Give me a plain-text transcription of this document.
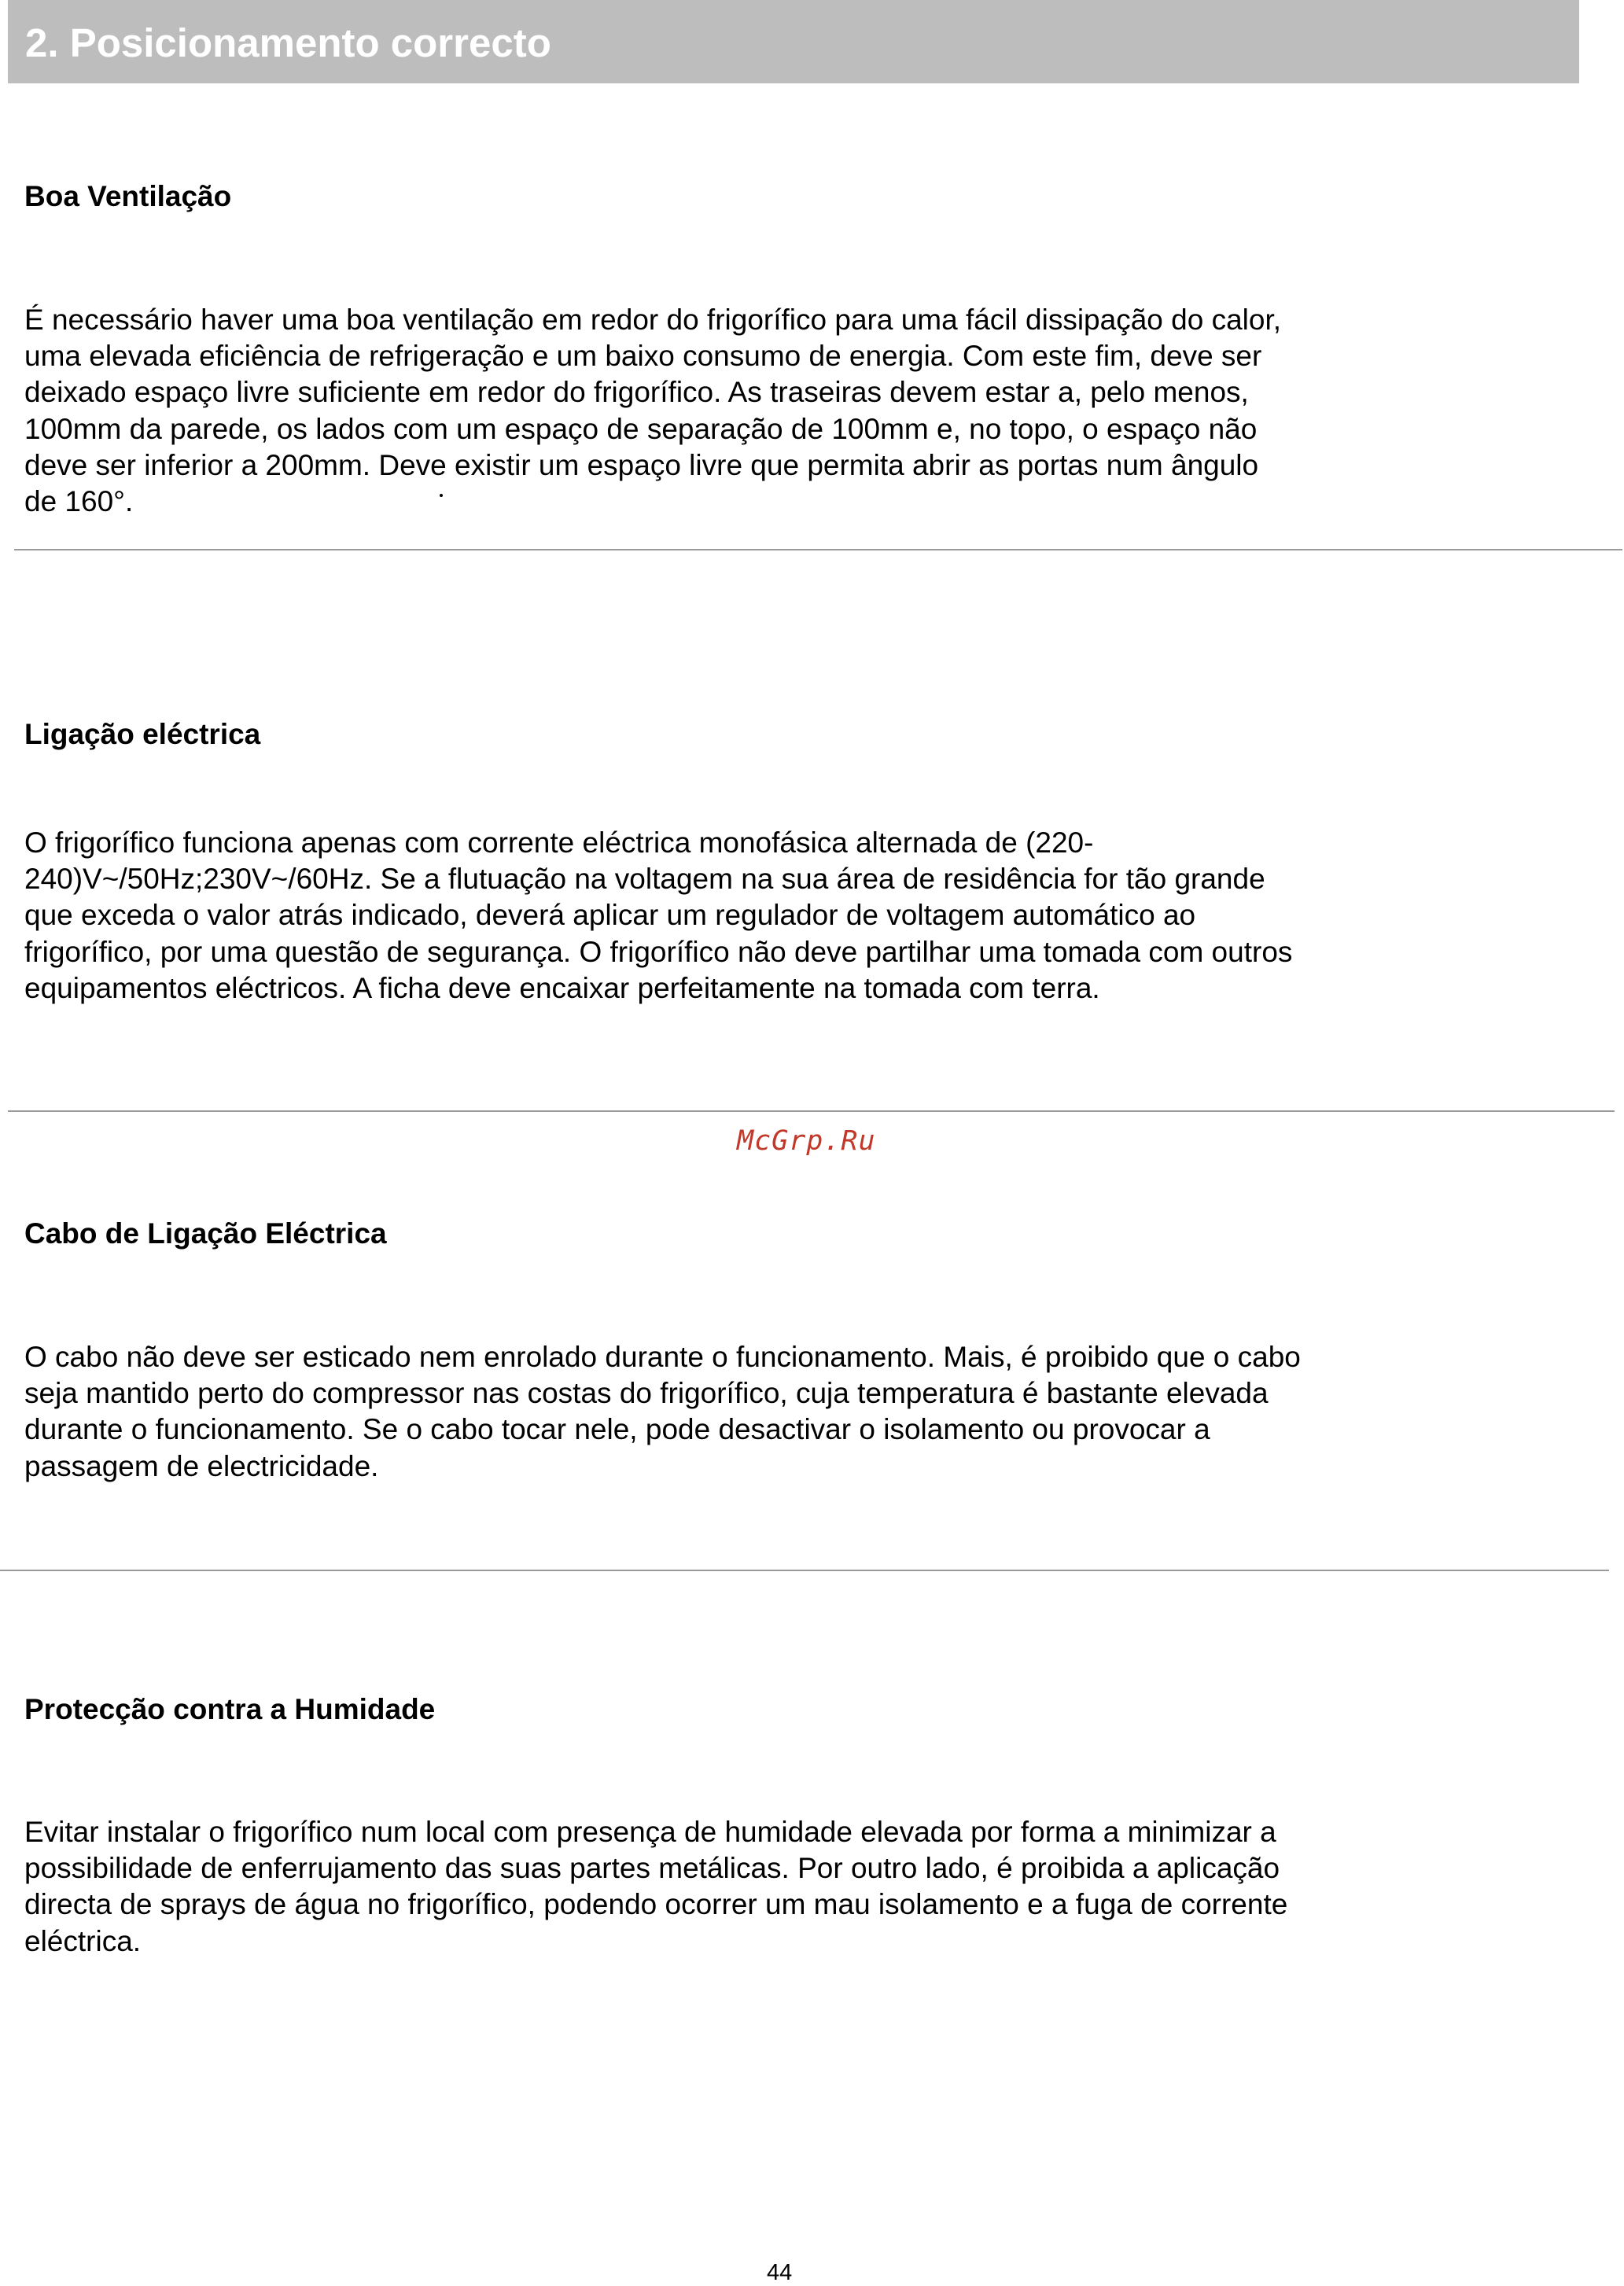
2. Posicionamento correcto
Boa Ventilação
É necessário haver uma boa ventilação em redor do frigorífico para uma fácil dissipação do calor,
uma elevada eficiência de refrigeração e um baixo consumo de energia. Com este fim, deve ser
deixado espaço livre suficiente em redor do frigorífico. As traseiras devem estar a, pelo menos,
100mm da parede, os lados com um espaço de separação de 100mm e, no topo, o espaço não
deve ser inferior a 200mm. Deve existir um espaço livre que permita abrir as portas num ângulo
de 160°.
Ligação eléctrica
O frigorífico funciona apenas com corrente eléctrica monofásica alternada de (220-
240)V~/50Hz;230V~/60Hz. Se a flutuação na voltagem na sua área de residência for tão grande
que exceda o valor atrás indicado, deverá aplicar um regulador de voltagem automático ao
frigorífico, por uma questão de segurança. O frigorífico não deve partilhar uma tomada com outros
equipamentos eléctricos. A ficha deve encaixar perfeitamente na tomada com terra.
McGrp.Ru
Cabo de Ligação Eléctrica
O cabo não deve ser esticado nem enrolado durante o funcionamento. Mais, é proibido que o cabo
seja mantido perto do compressor nas costas do frigorífico, cuja temperatura é bastante elevada
durante o funcionamento. Se o cabo tocar nele, pode desactivar o isolamento ou provocar a
passagem de electricidade.
Protecção contra a Humidade
Evitar instalar o frigorífico num local com presença de humidade elevada por forma a minimizar a
possibilidade de enferrujamento das suas partes metálicas. Por outro lado, é proibida a aplicação
directa de sprays de água no frigorífico, podendo ocorrer um mau isolamento e a fuga de corrente
eléctrica.
44
